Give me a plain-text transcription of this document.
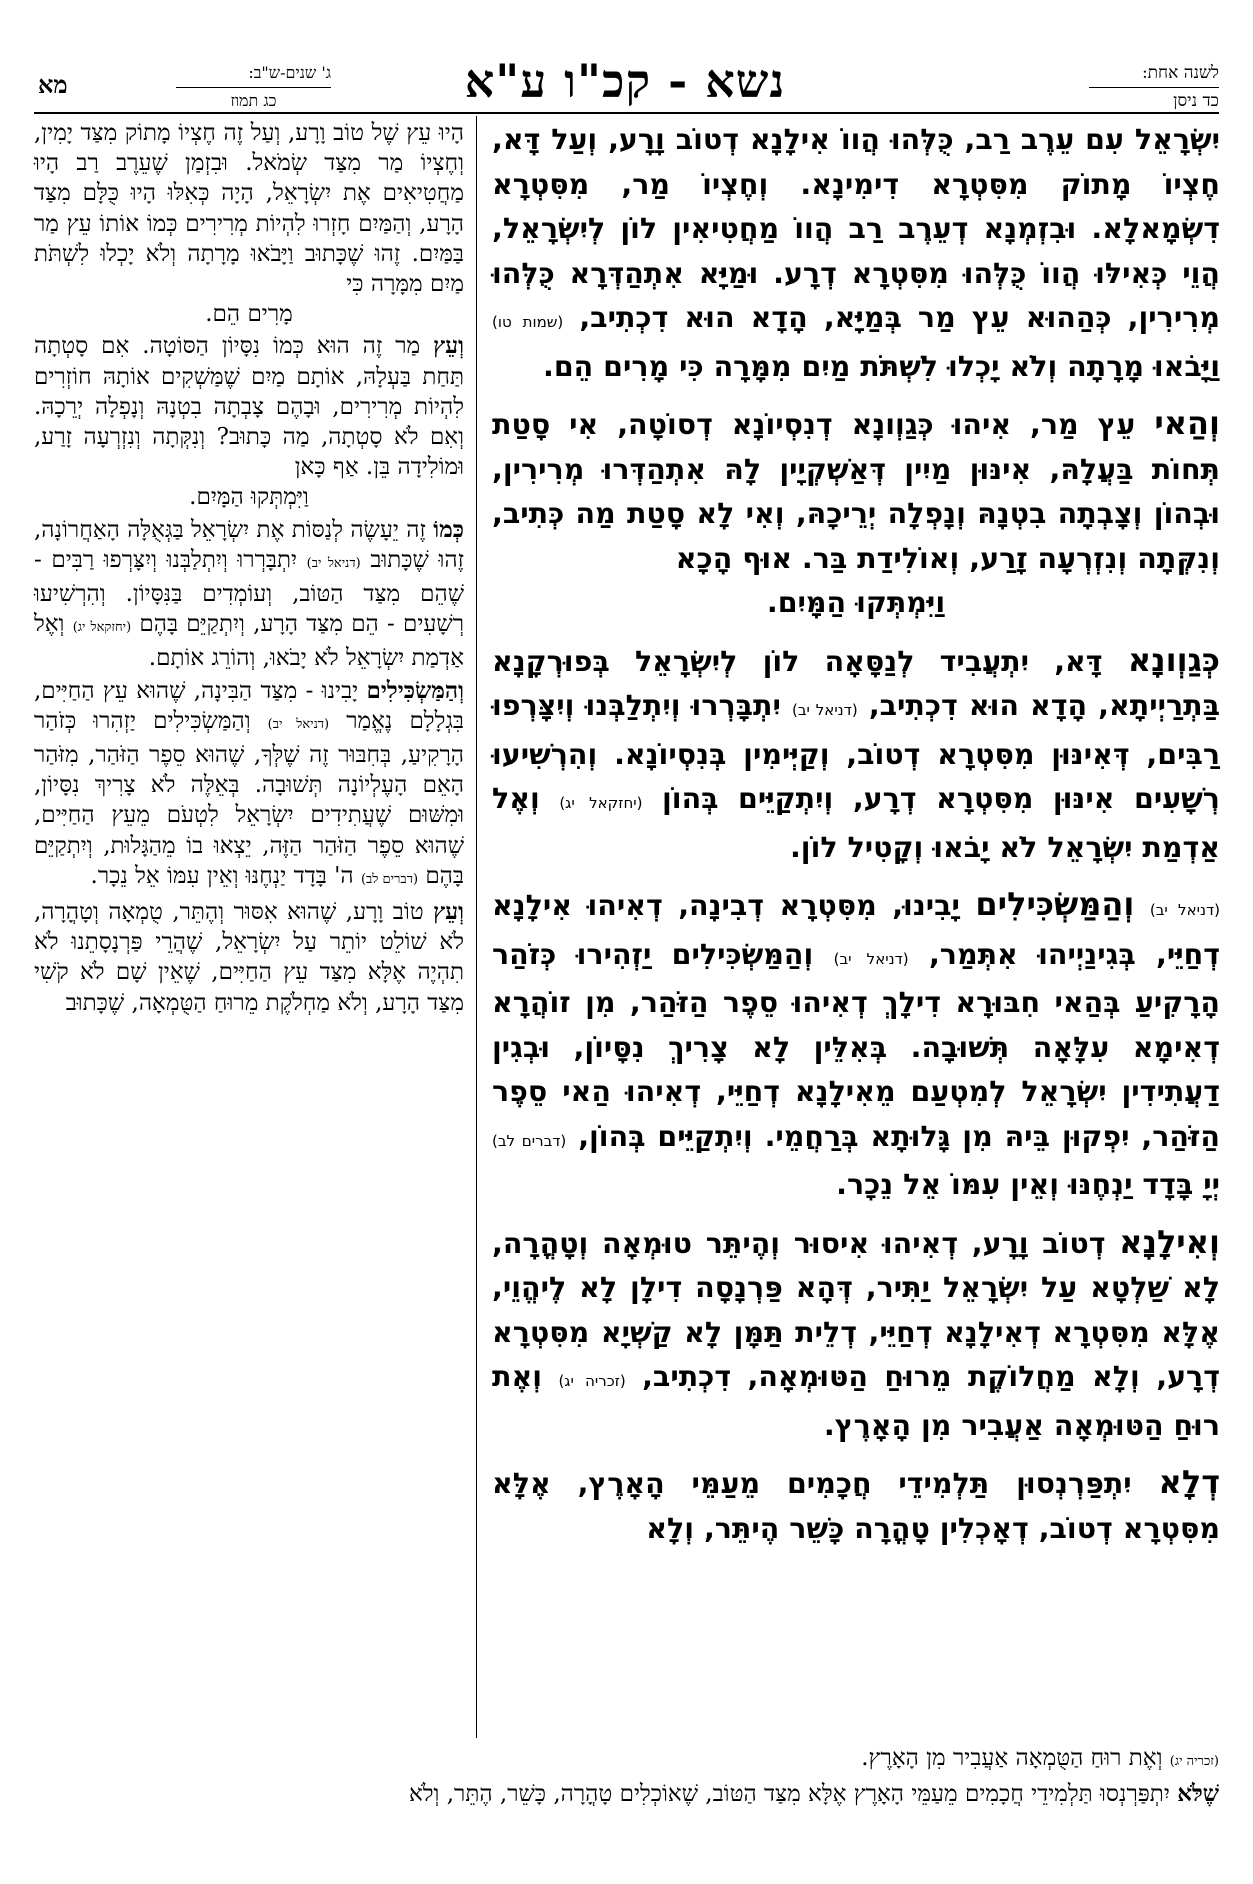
לשנה אחת:
כד ניסן
נשא - קכ"ו ע"א
ג' שנים-ש"ב:
כג תמוז
מא

יִשְׂרָאֵל עִם עֵרֶב רַב, כֻּלְּהוּ הֲווֹ אִילָנָא דְטוֹב וָרָע, וְעַל דָּא, חֶצְיוֹ מָתוֹק מִסִּטְרָא דִימִינָא. וְחֶצְיוֹ מַר, מִסִּטְרָא דִשְׂמָאלָא. וּבִזְמְנָא דְעֵרֶב רַב הֲווֹ מַחֲטִיאִין לוֹן לְיִשְׂרָאֵל, הֲוֵי כְּאִילּוּ הֲווֹ כֻּלְּהוּ מִסִּטְרָא דְרָע. וּמַיָּא אִתְהַדְּרָא כֻּלְּהוּ מְרִירִין, כְּהַהוּא עֵץ מַר בְּמַיָּא, הָדָא הוּא דִכְתִיב, (שמות טו) וַיָּבֹאוּ מָרָתָה וְלֹא יָכְלוּ לִשְׁתֹּת מַיִם מִמָּרָה כִּי מָרִים הֵם.

וְהַאי עֵץ מַר, אִיהוּ כְּגַוְונָא דְנִסְיוֹנָא דְסוֹטָה, אִי סָטַת תְּחוֹת בַּעֲלָהּ, אִינּוּן מַיִין דְּאַשְׁקְיָין לָהּ אִתְהַדְּרוּ מְרִירִין, וּבְהוֹן וְצָבְתָה בִטְנָהּ וְנָפְלָה יְרֵיכָהּ, וְאִי לָא סָטַת מַה כְּתִיב, וְנִקְּתָה וְנִזְרְעָה זָרַע, וְאוֹלִידַת בַּר. אוּף הָכָא
וַיִּמְתְּקוּ הַמָּיִם.

כְּגַוְונָא דָּא, יִתְעֲבִיד לְנַסָּאָה לוֹן לְיִשְׂרָאֵל בְּפוּרְקָנָא בַּתְרַיְיתָא, הָדָא הוּא דִכְתִיב, (דניאל יב) יִתְבָּרְרוּ וְיִתְלַבְּנוּ וְיִצָּרְפוּ רַבִּים, דְּאִינּוּן מִסִּטְרָא דְטוֹב, וְקַיְּימִין בְּנִסְיוֹנָא. וְהִרְשִׁיעוּ רְשָׁעִים אִינּוּן מִסִּטְרָא דְרָע, וְיִתְקַיֵּים בְּהוֹן (יחזקאל יג) וְאֶל אַדְמַת יִשְׂרָאֵל לֹא יָבֹאוּ וְקָטִיל לוֹן.

(דניאל יב) וְהַמַּשְׂכִּילִים יָבִינוּ, מִסִּטְרָא דְבִינָה, דְאִיהוּ אִילָנָא דְחַיֵּי, בְּגִינַיְיהוּ אִתְּמַר, (דניאל יב) וְהַמַּשְׂכִּילִים יַזְהִירוּ כְּזֹהַר הָרָקִיעַ בְּהַאי חִבּוּרָא דִילָךְ דְאִיהוּ סֵפֶר הַזֹּהַר, מִן זוֹהֲרָא דְאִימָא עִלָּאָה תְּשׁוּבָה. בְּאִלֵּין לָא צָרִיךְ נִסָּיוֹן, וּבְגִין דַעֲתִידִין יִשְׂרָאֵל לְמִטְעַם מֵאִילָנָא דְחַיֵּי, דְאִיהוּ הַאי סֵפֶר הַזֹּהַר, יִפְקוּן בֵּיהּ מִן גָּלוּתָא בְּרַחֲמֵי. וְיִתְקַיֵּים בְּהוֹן, (דברים לב) יְיָ בָּדָד יַנְחֶנּוּ וְאֵין עִמּוֹ אֵל נֵכָר.

וְאִילָנָא דְטוֹב וָרָע, דְאִיהוּ אִיסוּר וְהֶיתֵּר טוּמְאָה וְטָהֳרָה, לָא שַׁלְטָא עַל יִשְׂרָאֵל יַתִּיר, דְּהָא פַּרְנָסָה דִילָן לָא לֶיהֱוֵי, אֶלָּא מִסִּטְרָא דְאִילָנָא דְחַיֵּי, דְלֵית תַּמָּן לָא קַשְׁיָא מִסִּטְרָא דְרָע, וְלָא מַחֲלוֹקֶת מֵרוּחַ הַטּוּמְאָה, דִכְתִיב, (זכריה יג) וְאֶת רוּחַ הַטּוּמְאָה אַעֲבִיר מִן הָאָרֶץ.

דְלָא יִתְפַּרְנְסוּן תַּלְמִידֵי חֲכָמִים מֵעַמֵּי הָאָרֶץ, אֶלָּא מִסִּטְרָא דְטוֹב, דְאָכְלִין טָהֳרָה כָּשֵׁר הֶיתֵּר, וְלָא

הָיוּ עֵץ שֶׁל טוֹב וָרָע, וְעַל זֶה חֶצְיוֹ מָתוֹק מִצַּד יָמִין, וְחֶצְיוֹ מַר מִצַּד שְׂמֹאל. וּבִזְמַן שֶׁעֵרֶב רַב הָיוּ מַחֲטִיאִים אֶת יִשְׂרָאֵל, הָיָה כְּאִלּוּ הָיוּ כֻּלָּם מִצַּד הָרָע, וְהַמַּיִם חָזְרוּ לִהְיוֹת מְרִירִים כְּמוֹ אוֹתוֹ עֵץ מַר בַּמַּיִם. זֶהוּ שֶׁכָּתוּב וַיָּבֹאוּ מָרָתָה וְלֹא יָכְלוּ לִשְׁתֹּת מַיִם מִמָּרָה כִּי
מָרִים הֵם.

וְעֵץ מַר זֶה הוּא כְּמוֹ נִסָּיוֹן הַסּוֹטָה. אִם סָטְתָה תַּחַת בַּעְלָהּ, אוֹתָם מַיִם שֶׁמַּשְׁקִים אוֹתָהּ חוֹזְרִים לִהְיוֹת מְרִירִים, וּבָהֶם צָבְתָה בִטְנָהּ וְנָפְלָה יְרֵכָהּ. וְאִם לֹא סָטְתָה, מַה כָּתוּב? וְנִקְּתָה וְנִזְרְעָה זָרַע, וּמוֹלִידָה בֵּן. אַף כָּאן
וַיִּמְתְּקוּ הַמָּיִם.

כְּמוֹ זֶה יֵעָשֶׂה לְנַסּוֹת אֶת יִשְׂרָאֵל בַּגְּאֻלָּה הָאַחֲרוֹנָה, זֶהוּ שֶׁכָּתוּב (דניאל יב) יִתְבָּרְרוּ וְיִתְלַבְּנוּ וְיִצָּרְפוּ רַבִּים - שֶׁהֵם מִצַּד הַטּוֹב, וְעוֹמְדִים בַּנִּסָּיוֹן. וְהִרְשִׁיעוּ רְשָׁעִים - הֵם מִצַּד הָרָע, וְיִתְקַיֵּם בָּהֶם (יחזקאל יג) וְאֶל אַדְמַת יִשְׂרָאֵל לֹא יָבֹאוּ, וְהוֹרֵג אוֹתָם.

וְהַמַּשְׂכִּילִים יָבִינוּ - מִצַּד הַבִּינָה, שֶׁהוּא עֵץ הַחַיִּים, בִּגְלָלָם נֶאֱמַר (דניאל יב) וְהַמַּשְׂכִּילִים יַזְהִרוּ כְּזֹהַר הָרָקִיעַ, בְּחִבּוּר זֶה שֶׁלְּךָ, שֶׁהוּא סֵפֶר הַזֹּהַר, מִזֹּהַר הָאֵם הָעֶלְיוֹנָה תְּשׁוּבָה. בְּאֵלֶּה לֹא צָרִיךְ נִסָּיוֹן, וּמִשּׁוּם שֶׁעֲתִידִים יִשְׂרָאֵל לִטְעֹם מֵעֵץ הַחַיִּים, שֶׁהוּא סֵפֶר הַזֹּהַר הַזֶּה, יֵצְאוּ בוֹ מֵהַגָּלוּת, וְיִתְקַיֵּם בָּהֶם (דברים לב) ה' בָּדָד יַנְחֶנּוּ וְאֵין עִמּוֹ אֵל נֵכָר.

וְעֵץ טוֹב וָרָע, שֶׁהוּא אִסּוּר וְהֶתֵּר, טֻמְאָה וְטָהֳרָה, לֹא שׁוֹלֵט יוֹתֵר עַל יִשְׂרָאֵל, שֶׁהֲרֵי פַּרְנָסָתֵנוּ לֹא תִהְיֶה אֶלָּא מִצַּד עֵץ הַחַיִּים, שֶׁאֵין שָׁם לֹא קֹשִׁי מִצַּד הָרָע, וְלֹא מַחְלֹקֶת מֵרוּחַ הַטֻּמְאָה, שֶׁכָּתוּב

(זכריה יג) וְאֶת רוּחַ הַטֻּמְאָה אַעֲבִיר מִן הָאָרֶץ.

שֶׁלֹּא יִתְפַּרְנְסוּ תַּלְמִידֵי חֲכָמִים מֵעַמֵּי הָאָרֶץ אֶלָּא מִצַּד הַטּוֹב, שֶׁאוֹכְלִים טָהֳרָה, כָּשֵׁר, הֶתֵּר, וְלֹא
